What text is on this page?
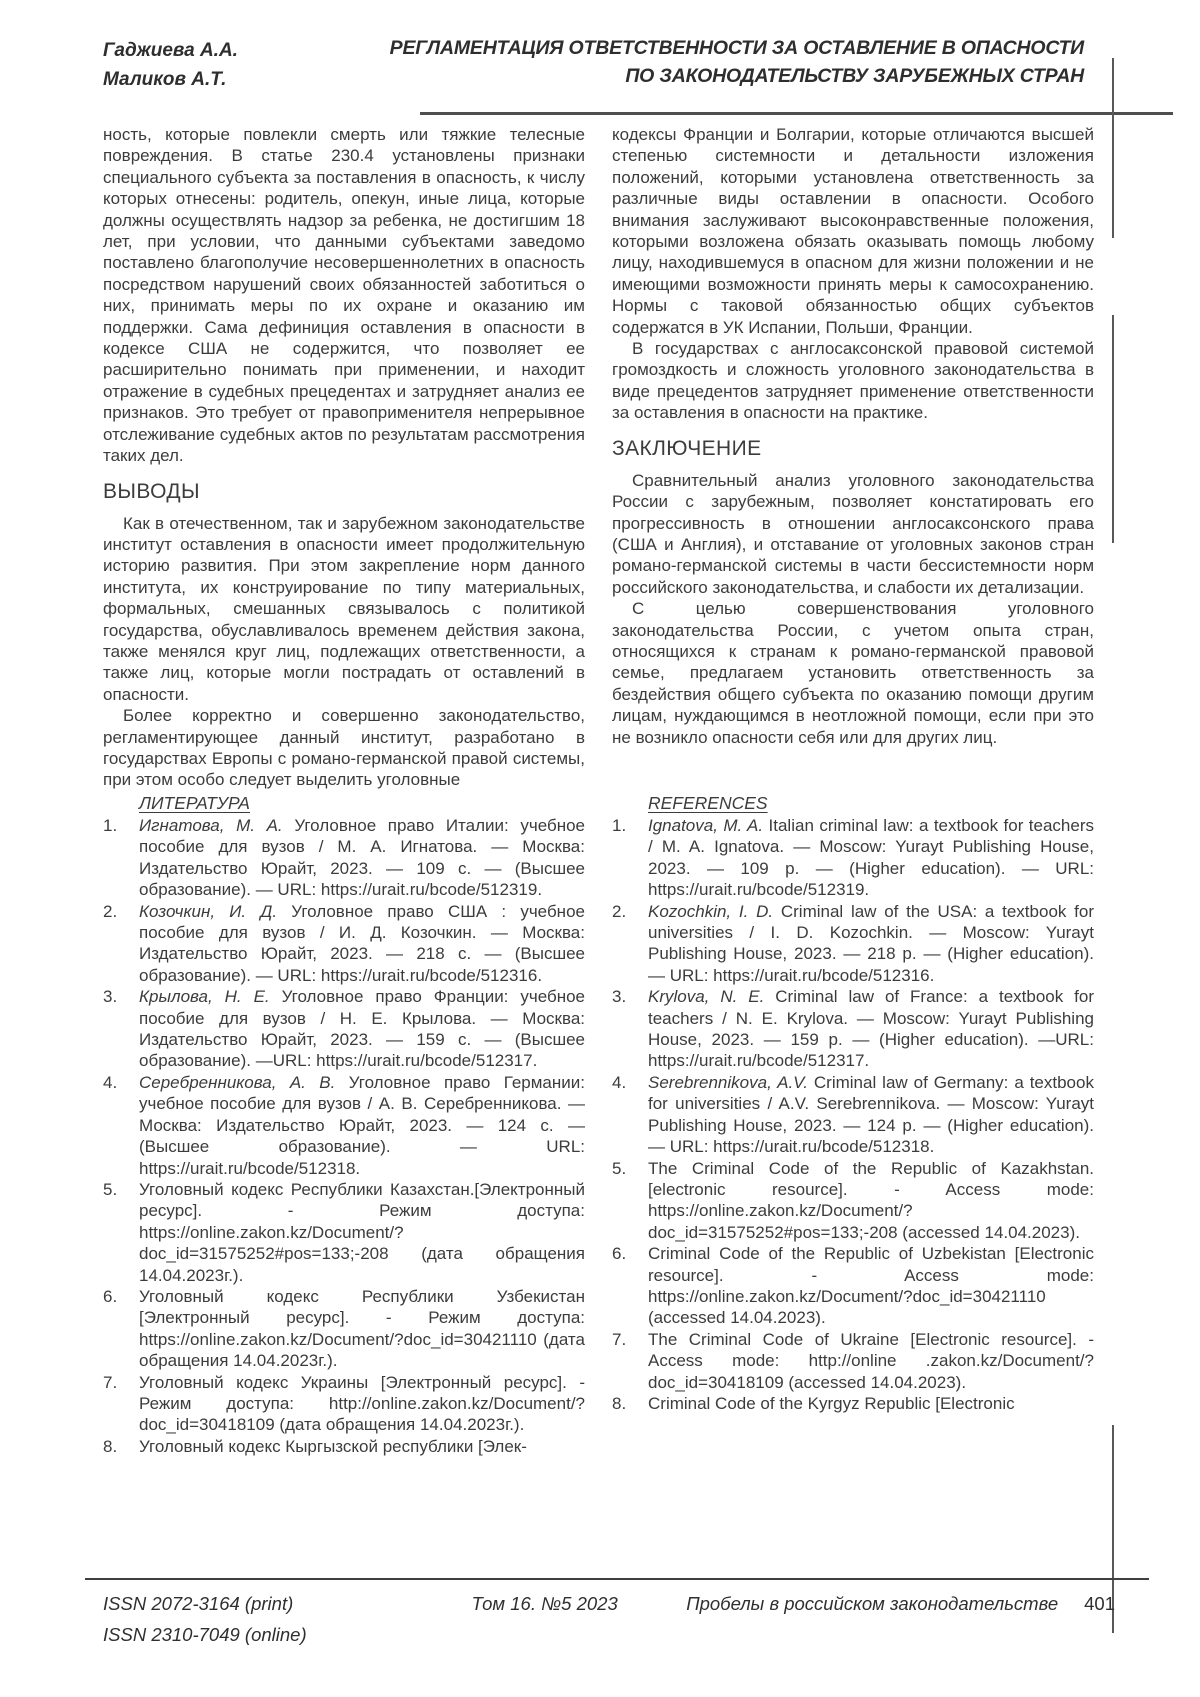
Гаджиева А.А.
Маликов А.Т.
РЕГЛАМЕНТАЦИЯ ОТВЕТСТВЕННОСТИ ЗА ОСТАВЛЕНИЕ В ОПАСНОСТИ
ПО ЗАКОНОДАТЕЛЬСТВУ ЗАРУБЕЖНЫХ СТРАН

ность, которые повлекли смерть или тяжкие телесные повреждения. В статье 230.4 установлены признаки специального субъекта за поставления в опасность, к числу которых отнесены: родитель, опекун, иные лица, которые должны осуществлять надзор за ребенка, не достигшим 18 лет, при условии, что данными субъектами заведомо поставлено благополучие несовершеннолетних в опасность посредством нарушений своих обязанностей заботиться о них, принимать меры по их охране и оказанию им поддержки. Сама дефиниция оставления в опасности в кодексе США не содержится, что позволяет ее расширительно понимать при применении, и находит отражение в судебных прецедентах и затрудняет анализ ее признаков. Это требует от правоприменителя непрерывное отслеживание судебных актов по результатам рассмотрения таких дел.

ВЫВОДЫ

Как в отечественном, так и зарубежном законодательстве институт оставления в опасности имеет продолжительную историю развития. При этом закрепление норм данного института, их конструирование по типу материальных, формальных, смешанных связывалось с политикой государства, обуславливалось временем действия закона, также менялся круг лиц, подлежащих ответственности, а также лиц, которые могли пострадать от оставлений в опасности.

Более корректно и совершенно законодательство, регламентирующее данный институт, разработано в государствах Европы с романо-германской правой системы, при этом особо следует выделить уголовные

кодексы Франции и Болгарии, которые отличаются высшей степенью системности и детальности изложения положений, которыми установлена ответственность за различные виды оставлении в опасности. Особого внимания заслуживают высоконравственные положения, которыми возложена обязать оказывать помощь любому лицу, находившемуся в опасном для жизни положении и не имеющими возможности принять меры к самосохранению. Нормы с таковой обязанностью общих субъектов содержатся в УК Испании, Польши, Франции.

В государствах с англосаксонской правовой системой громоздкость и сложность уголовного законодательства в виде прецедентов затрудняет применение ответственности за оставления в опасности на практике.

ЗАКЛЮЧЕНИЕ

Сравнительный анализ уголовного законодательства России с зарубежным, позволяет констатировать его прогрессивность в отношении англосаксонского права (США и Англия), и отставание от уголовных законов стран романо-германской системы в части бессистемности норм российского законодательства, и слабости их детализации.

С целью совершенствования уголовного законодательства России, с учетом опыта стран, относящихся к странам к романо-германской правовой семье, предлагаем установить ответственность за бездействия общего субъекта по оказанию помощи другим лицам, нуждающимся в неотложной помощи, если при это не возникло опасности себя или для других лиц.

ЛИТЕРАТУРА
1.	Игнатова, М. А. Уголовное право Италии: учебное пособие для вузов / М. А. Игнатова. — Москва: Издательство Юрайт, 2023. — 109 с. — (Высшее образование). — URL: https://urait.ru/bcode/512319.
2.	Козочкин, И. Д. Уголовное право США : учебное пособие для вузов / И. Д. Козочкин. — Москва: Издательство Юрайт, 2023. — 218 с. — (Высшее образование). — URL: https://urait.ru/bcode/512316.
3.	Крылова, Н. Е. Уголовное право Франции: учебное пособие для вузов / Н. Е. Крылова. — Москва: Издательство Юрайт, 2023. — 159 с. — (Высшее образование). —URL: https://urait.ru/bcode/512317.
4.	Серебренникова, А. В. Уголовное право Германии: учебное пособие для вузов / А. В. Серебренникова. — Москва: Издательство Юрайт, 2023. — 124 с. — (Высшее образование). — URL: https://urait.ru/bcode/512318.
5.	Уголовный кодекс Республики Казахстан.[Электронный ресурс]. - Режим доступа: https://online.zakon.kz/Document/?doc_id=31575252#pos=133;-208 (дата обращения 14.04.2023г.).
6.	Уголовный кодекс Республики Узбекистан [Электронный ресурс]. - Режим доступа: https://online.zakon.kz/Document/?doc_id=30421110 (дата обращения 14.04.2023г.).
7.	Уголовный кодекс Украины [Электронный ресурс]. - Режим доступа: http://online.zakon.kz/Document/?doc_id=30418109 (дата обращения 14.04.2023г.).
8.	Уголовный кодекс Кыргызской республики [Элек-
REFERENCES
1.	Ignatova, M. A. Italian criminal law: a textbook for teachers / M. A. Ignatova. — Moscow: Yurayt Publishing House, 2023. — 109 p. — (Higher education). — URL: https://urait.ru/bcode/512319.
2.	Kozochkin, I. D. Criminal law of the USA: a textbook for universities / I. D. Kozochkin. — Moscow: Yurayt Publishing House, 2023. — 218 p. — (Higher education). — URL: https://urait.ru/bcode/512316.
3.	Krylova, N. E. Criminal law of France: a textbook for teachers / N. E. Krylova. — Moscow: Yurayt Publishing House, 2023. — 159 p. — (Higher education). —URL: https://urait.ru/bcode/512317.
4.	Serebrennikova, A.V. Criminal law of Germany: a textbook for universities / A.V. Serebrennikova. — Moscow: Yurayt Publishing House, 2023. — 124 p. — (Higher education). — URL: https://urait.ru/bcode/512318.
5.	The Criminal Code of the Republic of Kazakhstan. [electronic resource]. - Access mode: https://online.zakon.kz/Document/?doc_id=31575252#pos=133;-208 (accessed 14.04.2023).
6.	Criminal Code of the Republic of Uzbekistan [Electronic resource]. - Access mode: https://online.zakon.kz/Document/?doc_id=30421110 (accessed 14.04.2023).
7.	The Criminal Code of Ukraine [Electronic resource]. - Access mode: http://online .zakon.kz/Document/?doc_id=30418109 (accessed 14.04.2023).
8.	Criminal Code of the Kyrgyz Republic [Electronic
ISSN 2072-3164 (print)
ISSN 2310-7049 (online)
Том 16. №5 2023	Пробелы в российском законодательстве 401
